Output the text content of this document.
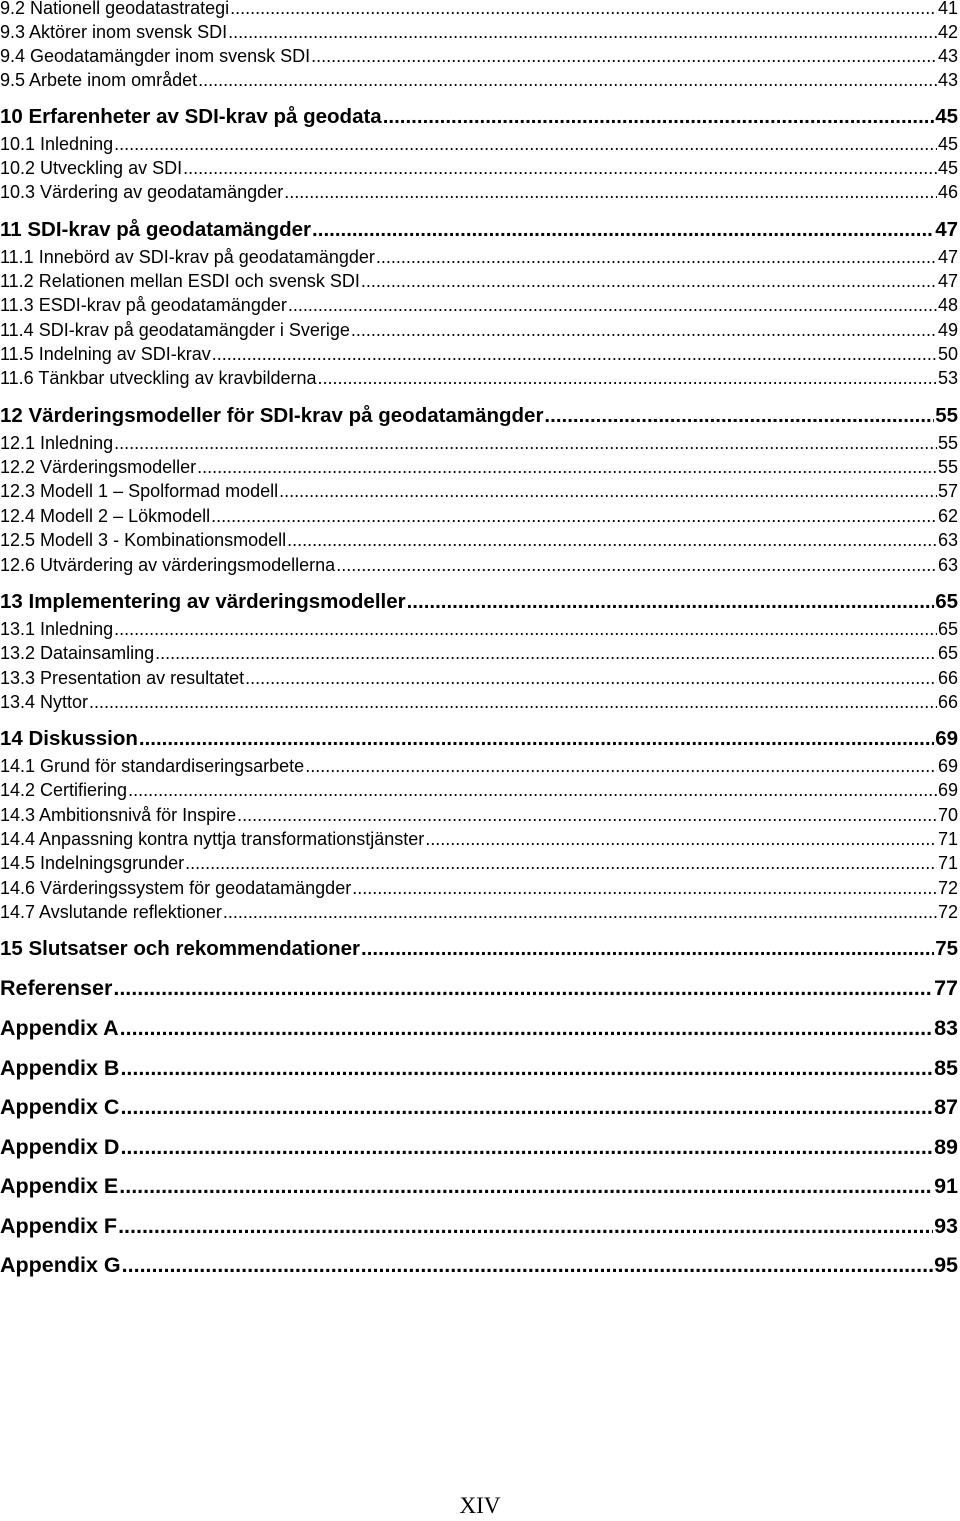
9.2 Nationell geodatastrategi .....	41
9.3 Aktörer inom svensk SDI .....	42
9.4 Geodatamängder inom svensk SDI .....	43
9.5 Arbete inom området .....	43
10 Erfarenheter av SDI-krav på geodata .....	45
10.1 Inledning .....	45
10.2 Utveckling av SDI .....	45
10.3 Värdering av geodatamängder .....	46
11 SDI-krav på geodatamängder .....	47
11.1 Innebörd av SDI-krav på geodatamängder .....	47
11.2 Relationen mellan ESDI och svensk SDI .....	47
11.3 ESDI-krav på geodatamängder .....	48
11.4 SDI-krav på geodatamängder i Sverige .....	49
11.5 Indelning av SDI-krav .....	50
11.6 Tänkbar utveckling av kravbilderna .....	53
12 Värderingsmodeller för SDI-krav på geodatamängder .....	55
12.1 Inledning .....	55
12.2 Värderingsmodeller .....	55
12.3 Modell 1 – Spolformad modell .....	57
12.4 Modell 2 – Lökmodell .....	62
12.5 Modell 3 - Kombinationsmodell .....	63
12.6 Utvärdering av värderingsmodellerna .....	63
13 Implementering av värderingsmodeller .....	65
13.1 Inledning .....	65
13.2 Datainsamling .....	65
13.3 Presentation av resultatet .....	66
13.4 Nyttor .....	66
14 Diskussion .....	69
14.1 Grund för standardiseringsarbete .....	69
14.2 Certifiering .....	69
14.3 Ambitionsnivå för Inspire .....	70
14.4 Anpassning kontra nyttja transformationstjänster .....	71
14.5 Indelningsgrunder .....	71
14.6 Värderingssystem för geodatamängder .....	72
14.7 Avslutande reflektioner .....	72
15 Slutsatser och rekommendationer .....	75
Referenser .....	77
Appendix A .....	83
Appendix B .....	85
Appendix C .....	87
Appendix D .....	89
Appendix E .....	91
Appendix F .....	93
Appendix G .....	95
XIV
